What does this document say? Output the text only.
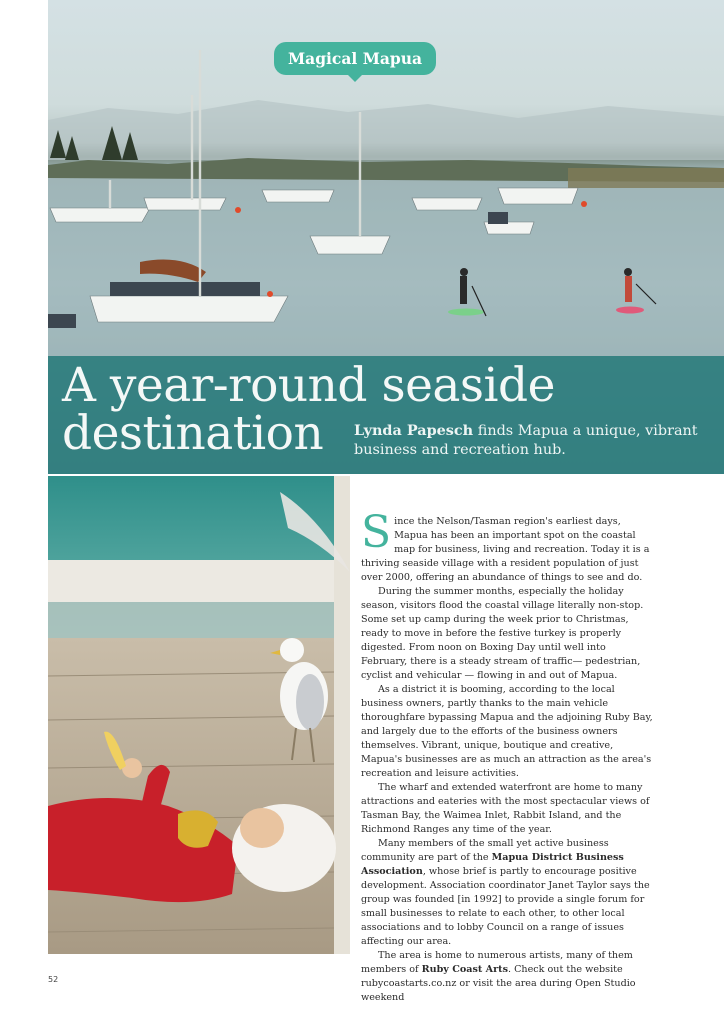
Magical Mapua
A year-round seaside
destination	Lynda Papesch finds Mapua a unique, vibrant business and recreation hub.

Since the Nelson/Tasman region's earliest days, Mapua has been an important spot on the coastal map for business, living and recreation. Today it is a thriving seaside village with a resident population of just over 2000, offering an abundance of things to see and do.

During the summer months, especially the holiday season, visitors flood the coastal village literally non-stop. Some set up camp during the week prior to Christmas, ready to move in before the festive turkey is properly digested. From noon on Boxing Day until well into February, there is a steady stream of traffic— pedestrian, cyclist and vehicular — flowing in and out of Mapua.

As a district it is booming, according to the local business owners, partly thanks to the main vehicle thoroughfare bypassing Mapua and the adjoining Ruby Bay, and largely due to the efforts of the business owners themselves. Vibrant, unique, boutique and creative, Mapua's businesses are as much an attraction as the area's recreation and leisure activities.

The wharf and extended waterfront are home to many attractions and eateries with the most spectacular views of Tasman Bay, the Waimea Inlet, Rabbit Island, and the Richmond Ranges any time of the year.

Many members of the small yet active business community are part of the Mapua District Business Association, whose brief is partly to encourage positive development. Association coordinator Janet Taylor says the group was founded [in 1992] to provide a single forum for small businesses to relate to each other, to other local associations and to lobby Council on a range of issues affecting our area.

The area is home to numerous artists, many of them members of Ruby Coast Arts. Check out the website rubycoastarts.co.nz or visit the area during Open Studio weekend

52
